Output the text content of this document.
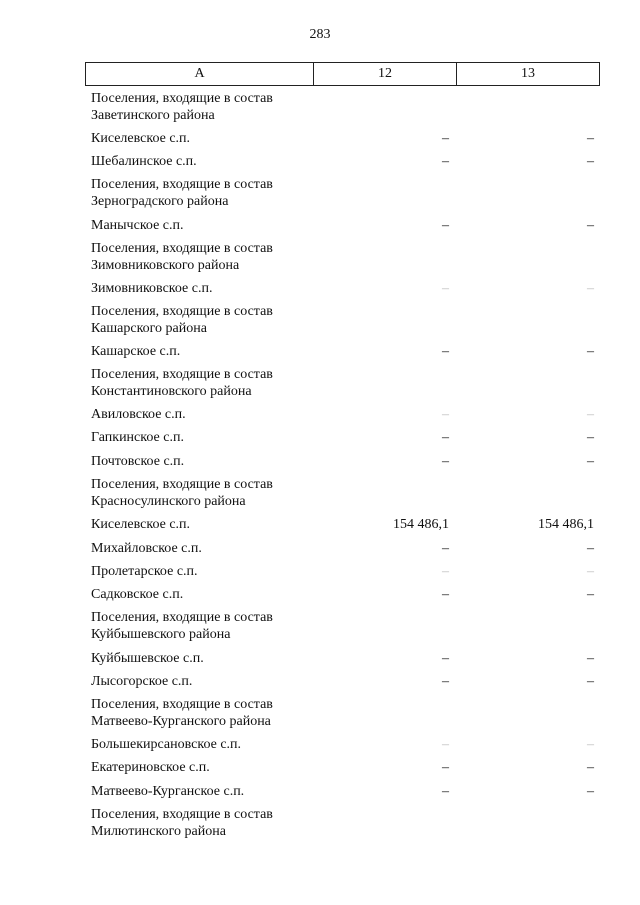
283
А	12	13
Поселения, входящие в состав Заветинского района
Киселевское с.п.	–	–
Шебалинское с.п.	–	–
Поселения, входящие в состав Зерноградского района
Манычское с.п.	–	–
Поселения, входящие в состав Зимовниковского района
Зимовниковское с.п.	–	–
Поселения, входящие в состав Кашарского района
Кашарское с.п.	–	–
Поселения, входящие в состав Константиновского района
Авиловское с.п.	–	–
Гапкинское с.п.	–	–
Почтовское с.п.	–	–
Поселения, входящие в состав Красносулинского района
Киселевское с.п.	154 486,1	154 486,1
Михайловское с.п.	–	–
Пролетарское с.п.	–	–
Садковское с.п.	–	–
Поселения, входящие в состав Куйбышевского района
Куйбышевское с.п.	–	–
Лысогорское с.п.	–	–
Поселения, входящие в состав Матвеево-Курганского района
Большекирсановское с.п.	–	–
Екатериновское с.п.	–	–
Матвеево-Курганское с.п.	–	–
Поселения, входящие в состав Милютинского района
